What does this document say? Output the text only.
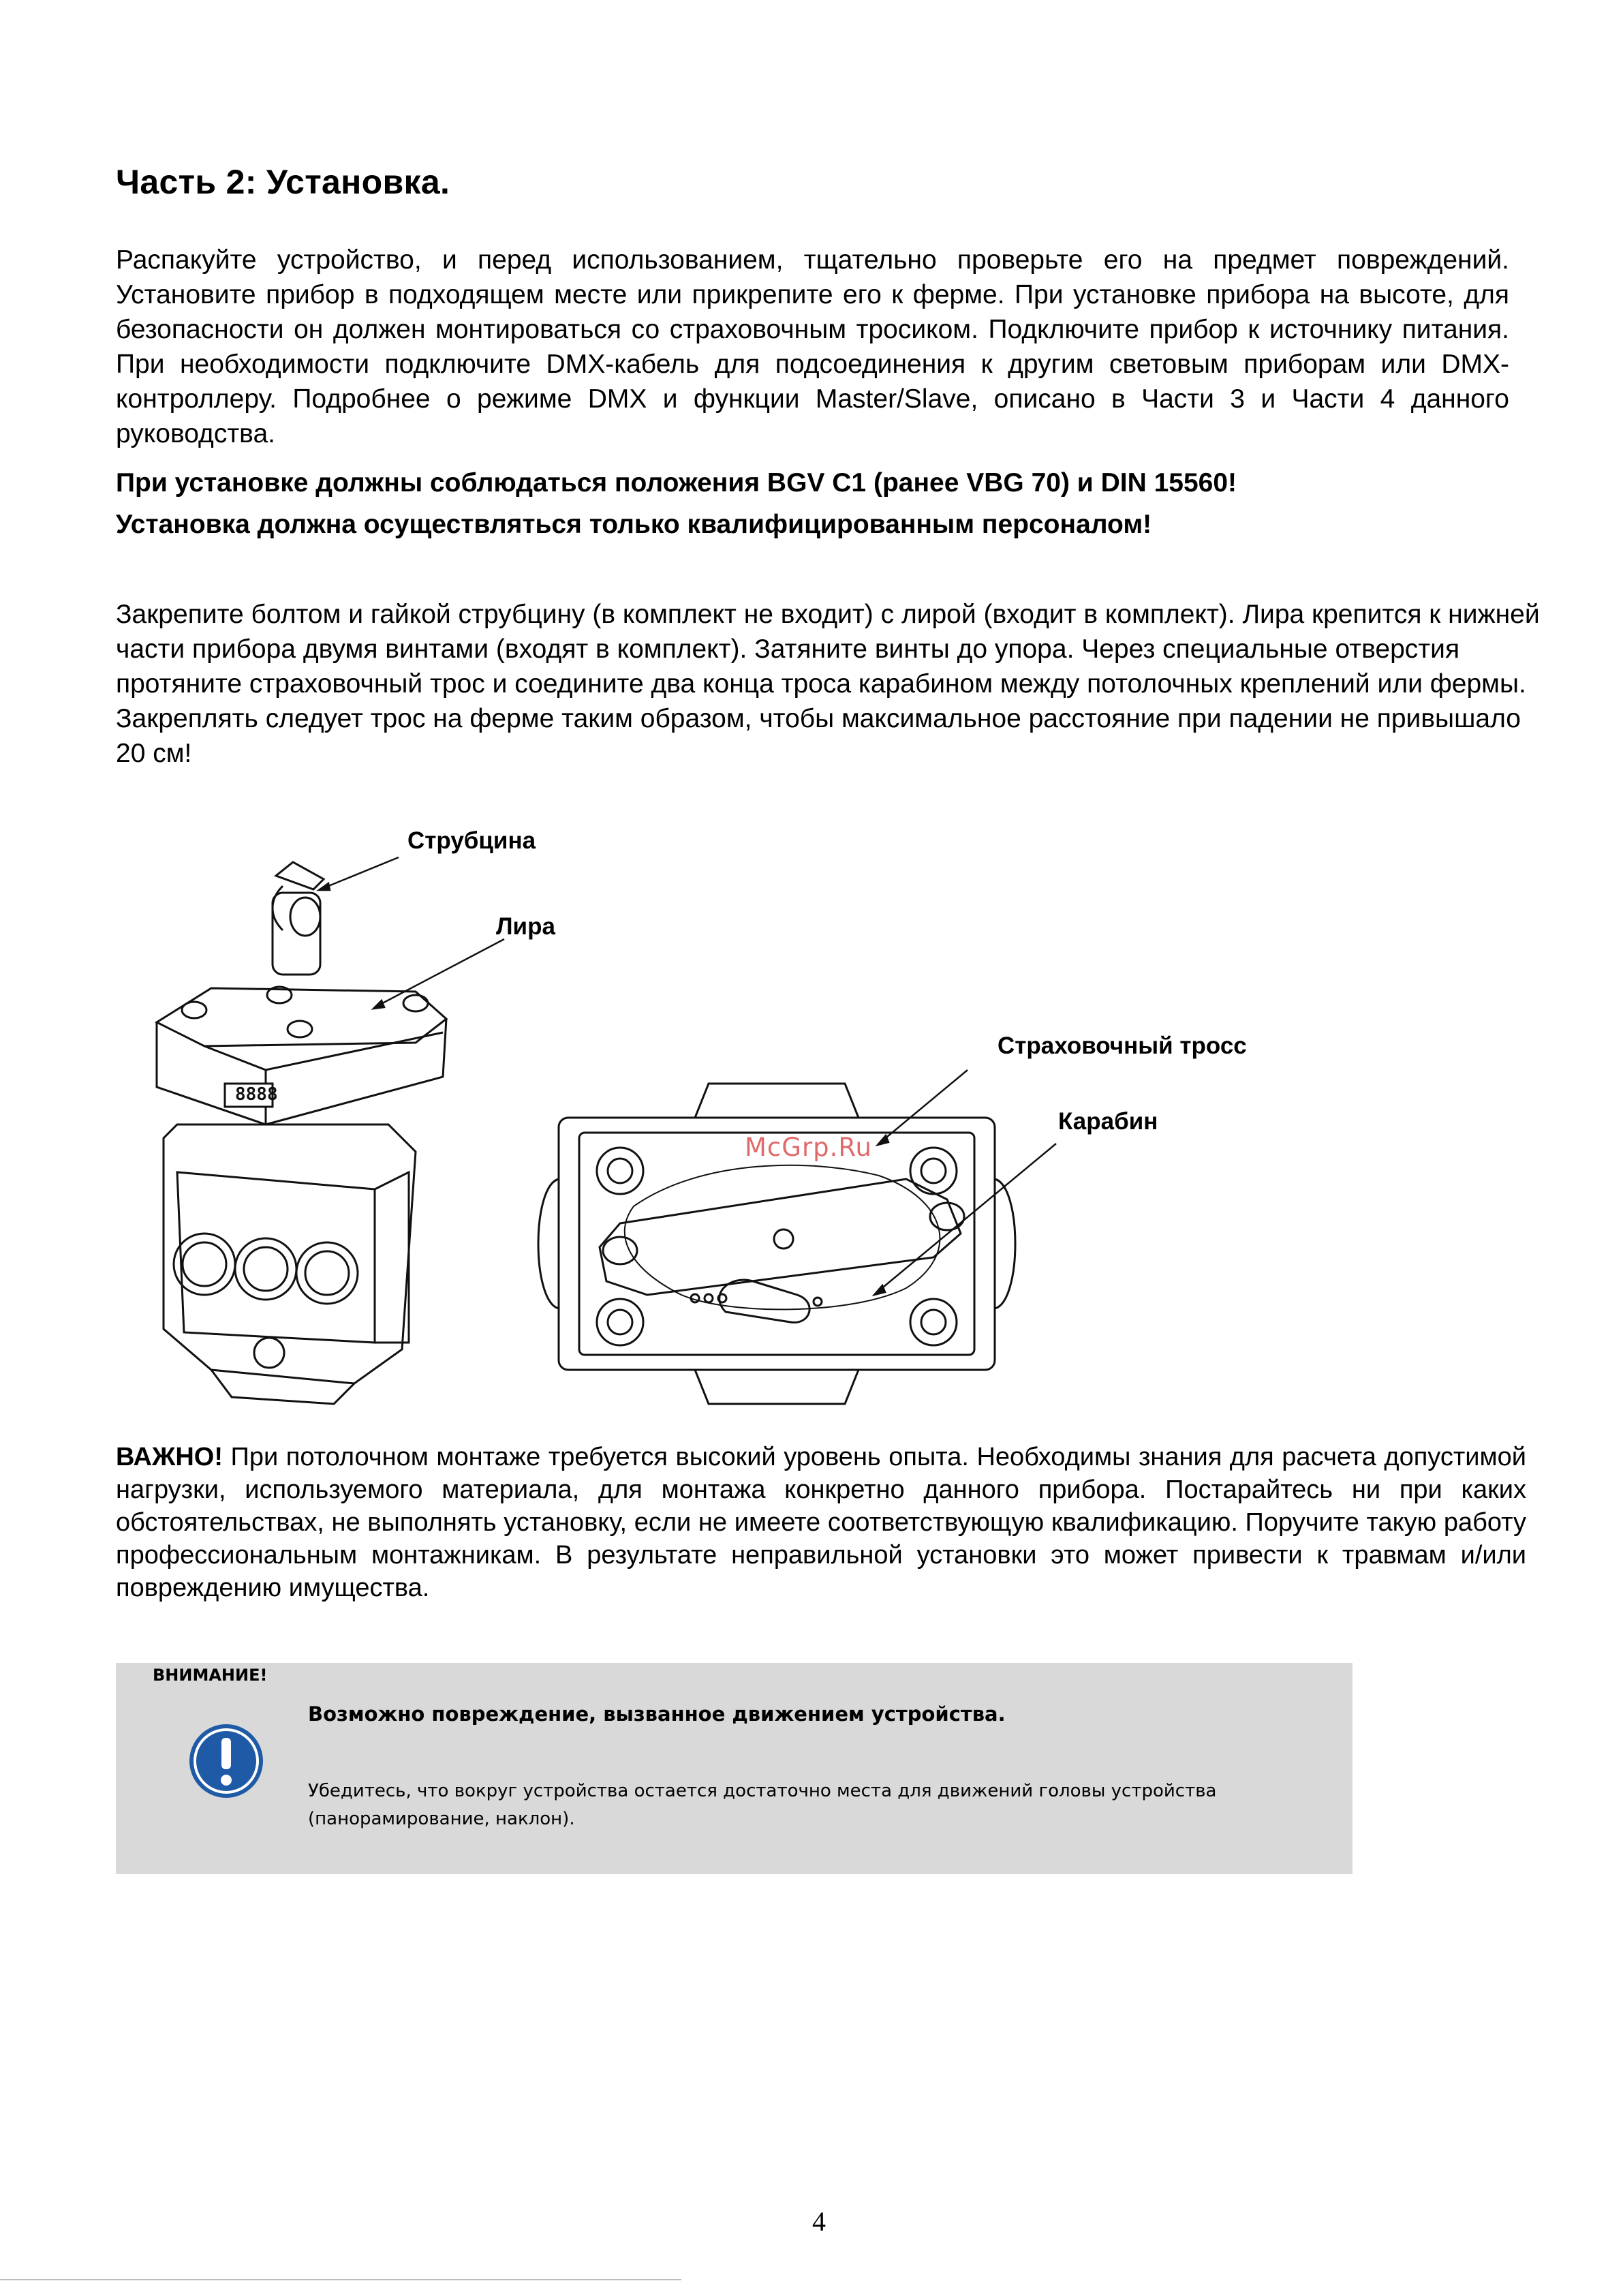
Часть 2: Установка.

Распакуйте устройство, и перед использованием, тщательно проверьте его на предмет повреждений. Установите прибор в подходящем месте или прикрепите его к ферме. При установке прибора на высоте, для безопасности он должен монтироваться со страховочным тросиком. Подключите прибор к источнику питания. При необходимости подключите DMX-кабель для подсоединения к другим световым приборам или DMX-контроллеру. Подробнее о режиме DMX и функции Master/Slave, описано в Части 3 и Части 4 данного руководства.

При установке должны соблюдаться положения BGV C1 (ранее VBG 70) и DIN 15560!

Установка должна осуществляться только квалифицированным персоналом!

Закрепите болтом и гайкой струбцину (в комплект не входит) с лирой (входит в комплект). Лира крепится к нижней части прибора двумя винтами (входят в комплект). Затяните винты до упора. Через специальные отверстия протяните страховочный трос и соедините два конца троса карабином между потолочных креплений или фермы. Закреплять следует трос на ферме таким образом, чтобы максимальное расстояние при падении не привышало 20 см!

8888
Струбцина
Лира
Страховочный тросс
Карабин
McGrp.Ru

ВАЖНО! При потолочном монтаже требуется высокий уровень опыта. Необходимы знания для расчета допустимой нагрузки, используемого материала, для монтажа конкретно данного прибора. Постарайтесь ни при каких обстоятельствах, не выполнять установку, если не имеете соответствующую квалификацию. Поручите такую работу профессиональным монтажникам. В результате неправильной установки это может привести к травмам и/или повреждению имущества.

ВНИМАНИЕ!
Возможно повреждение, вызванное движением устройства.
Убедитесь, что вокруг устройства остается достаточно места для движений головы устройства (панорамирование, наклон).
4
